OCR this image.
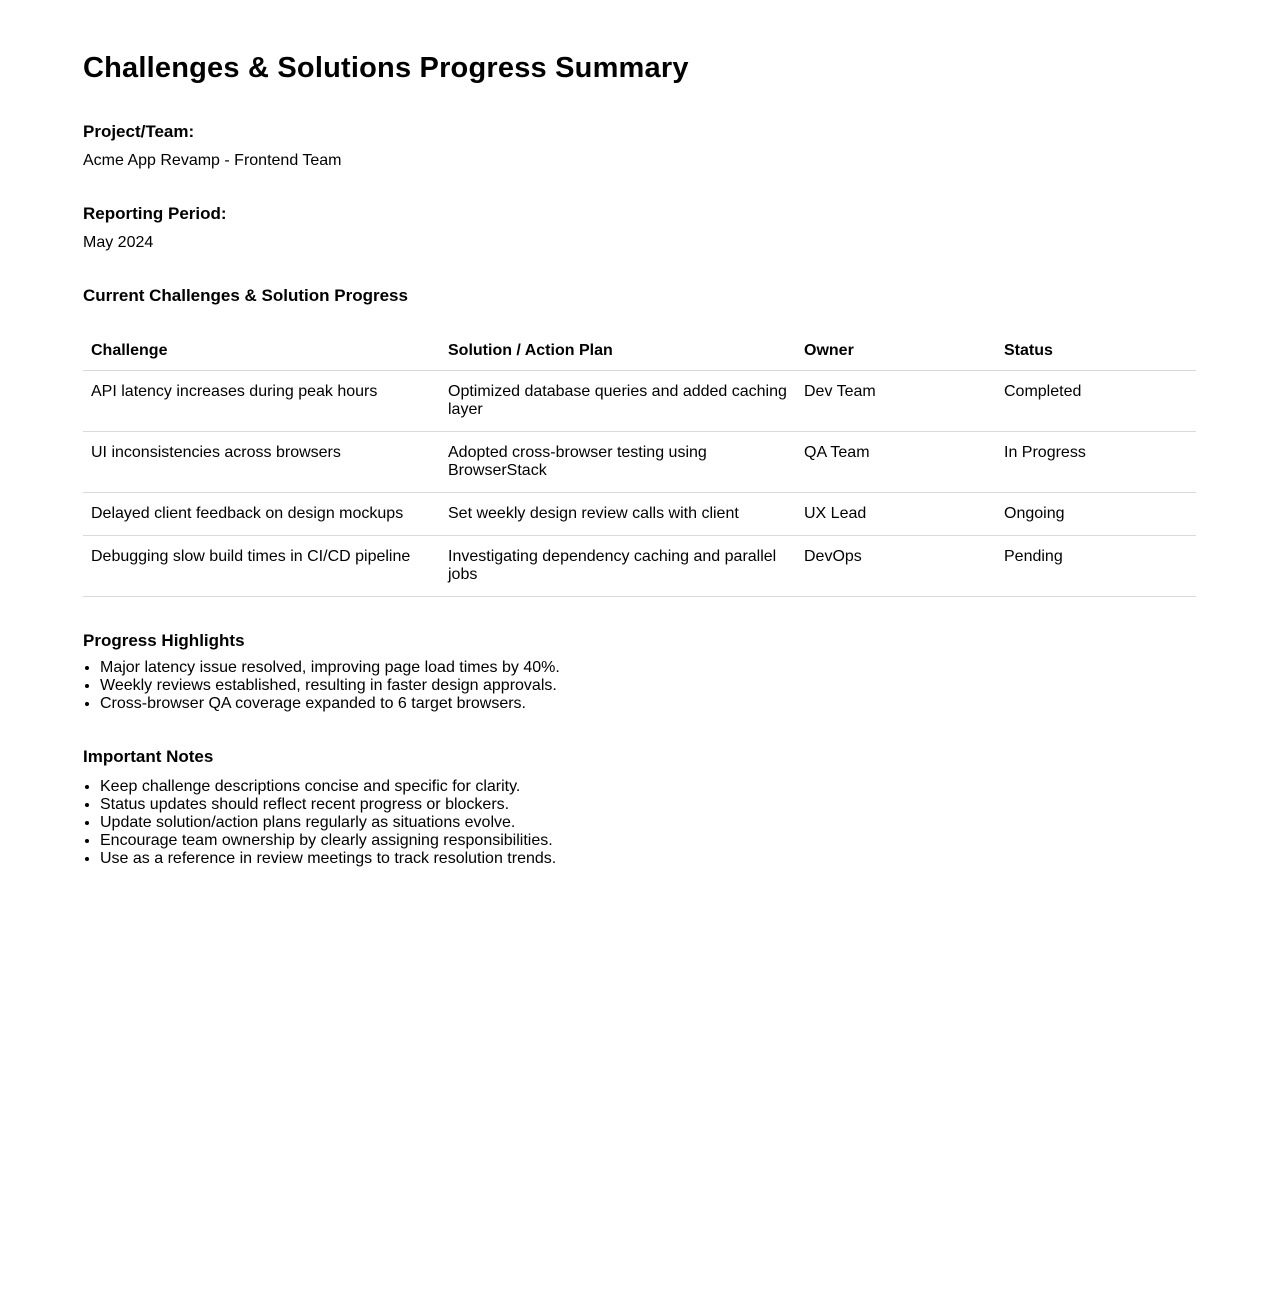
Challenges & Solutions Progress Summary
Project/Team:

Acme App Revamp - Frontend Team

Reporting Period:

May 2024

Current Challenges & Solution Progress
Challenge	Solution / Action Plan	Owner	Status
API latency increases during peak hours	Optimized database queries and added caching layer	Dev Team	Completed
UI inconsistencies across browsers	Adopted cross-browser testing using BrowserStack	QA Team	In Progress
Delayed client feedback on design mockups	Set weekly design review calls with client	UX Lead	Ongoing
Debugging slow build times in CI/CD pipeline	Investigating dependency caching and parallel jobs	DevOps	Pending
Progress Highlights
• Major latency issue resolved, improving page load times by 40%.
• Weekly reviews established, resulting in faster design approvals.
• Cross-browser QA coverage expanded to 6 target browsers.
Important Notes
• Keep challenge descriptions concise and specific for clarity.
• Status updates should reflect recent progress or blockers.
• Update solution/action plans regularly as situations evolve.
• Encourage team ownership by clearly assigning responsibilities.
• Use as a reference in review meetings to track resolution trends.
